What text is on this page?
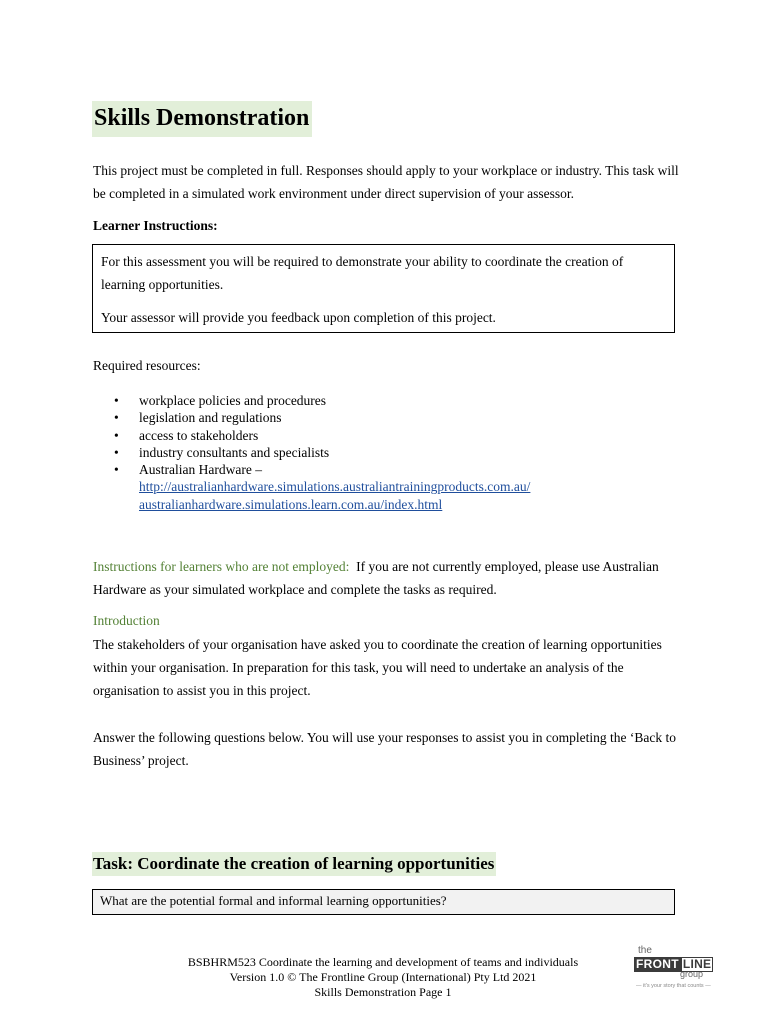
Skills Demonstration

This project must be completed in full. Responses should apply to your workplace or industry. This task will be completed in a simulated work environment under direct supervision of your assessor.

Learner Instructions:

For this assessment you will be required to demonstrate your ability to coordinate the creation of learning opportunities.

Your assessor will provide you feedback upon completion of this project.

Required resources:
• workplace policies and procedures
• legislation and regulations
• access to stakeholders
• industry consultants and specialists
• Australian Hardware –
http://australianhardware.simulations.australiantrainingproducts.com.au/
australianhardware.simulations.learn.com.au/index.html

Instructions for learners who are not employed: If you are not currently employed, please use Australian Hardware as your simulated workplace and complete the tasks as required.

Introduction

The stakeholders of your organisation have asked you to coordinate the creation of learning opportunities within your organisation. In preparation for this task, you will need to undertake an analysis of the organisation to assist you in this project.

Answer the following questions below. You will use your responses to assist you in completing the ‘Back to Business’ project.

Task: Coordinate the creation of learning opportunities
What are the potential formal and informal learning opportunities?
BSBHRM523 Coordinate the learning and development of teams and individuals
Version 1.0 © The Frontline Group (International) Pty Ltd 2021
Skills Demonstration Page 1
the
FRONT LINE
group
— it's your story that counts —
